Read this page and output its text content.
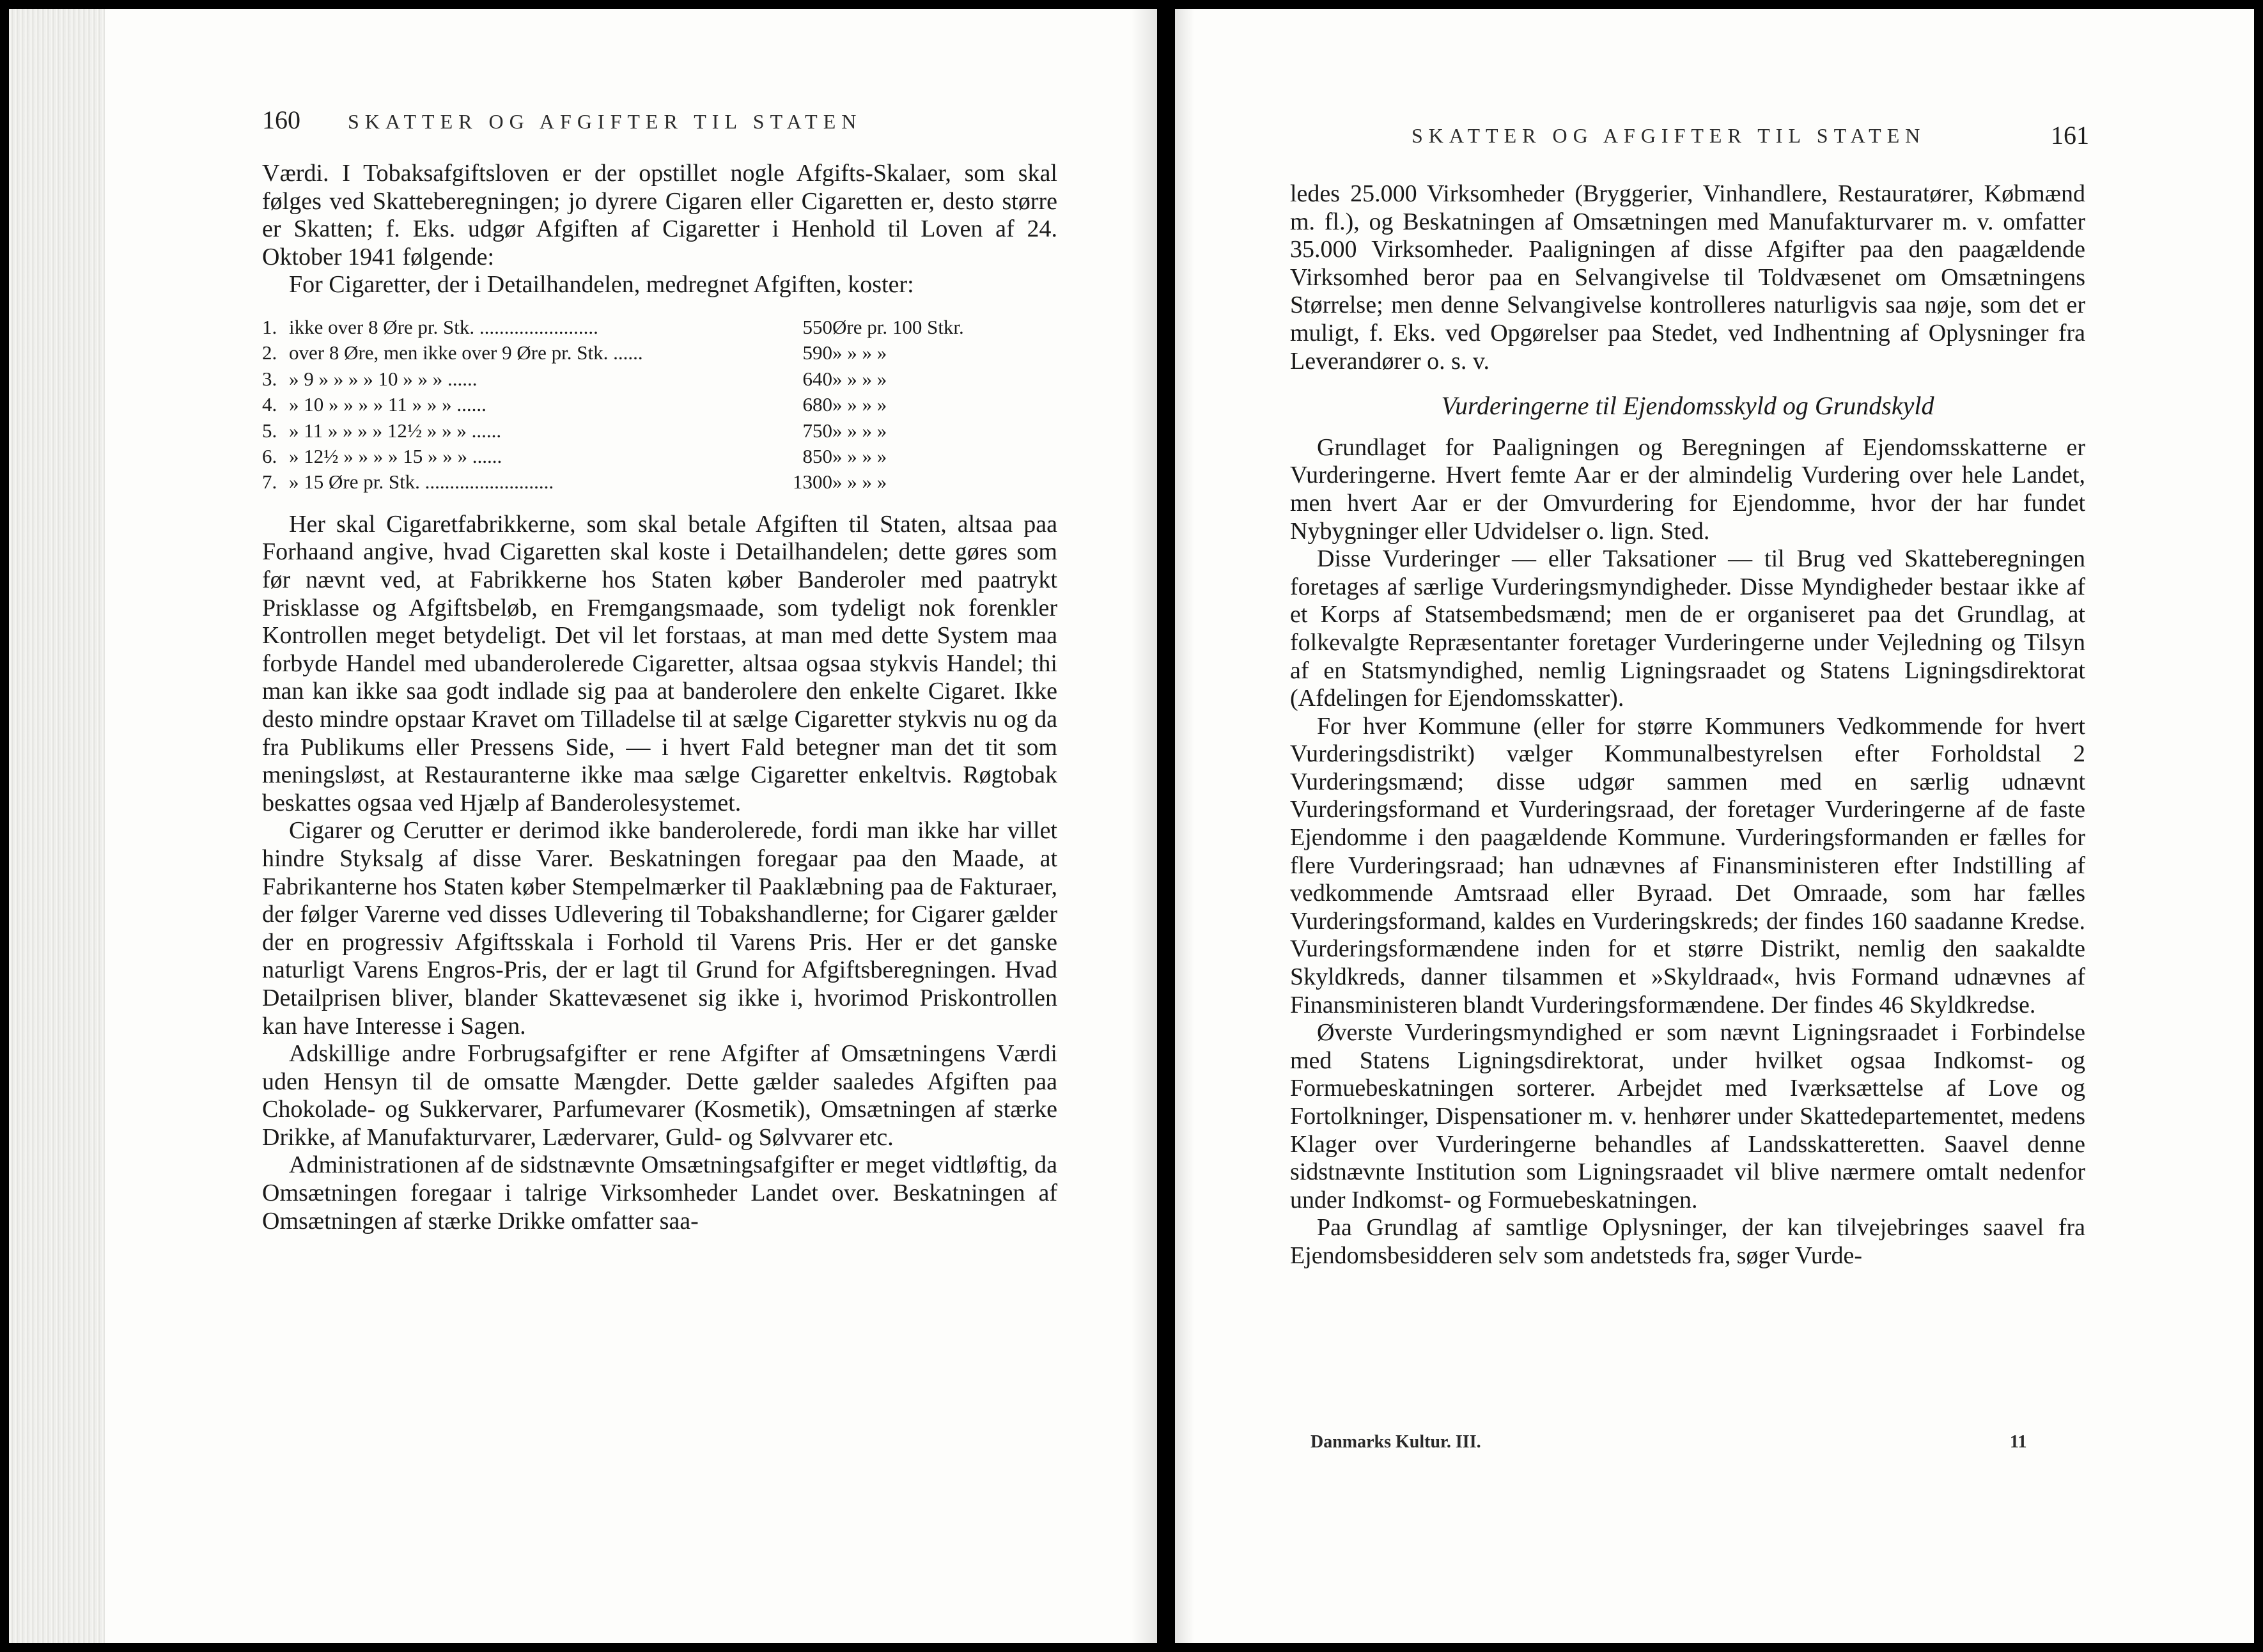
160 SKATTER OG AFGIFTER TIL STATEN

Værdi. I Tobaksafgiftsloven er der opstillet nogle Afgifts-Skalaer, som skal følges ved Skatteberegningen; jo dyrere Cigaren eller Cigaretten er, desto større er Skatten; f. Eks. udgør Afgiften af Cigaretter i Henhold til Loven af 24. Oktober 1941 følgende:

For Cigaretter, der i Detailhandelen, medregnet Afgiften, koster:

1.	ikke over 8 Øre pr. Stk. ........................	550	Øre pr. 100 Stkr.
2.	over 8 Øre, men ikke over 9 Øre pr. Stk. ......	590	» » » »
3.	» 9 » » » » 10 » » » ......	640	» » » »
4.	» 10 » » » » 11 » » » ......	680	» » » »
5.	» 11 » » » » 12½ » » » ......	750	» » » »
6.	» 12½ » » » » 15 » » » ......	850	» » » »
7.	» 15 Øre pr. Stk. ..........................	1300	» » » »

Her skal Cigaretfabrikkerne, som skal betale Afgiften til Staten, altsaa paa Forhaand angive, hvad Cigaretten skal koste i Detailhandelen; dette gøres som før nævnt ved, at Fabrikkerne hos Staten køber Banderoler med paatrykt Prisklasse og Afgiftsbeløb, en Fremgangsmaade, som tydeligt nok forenkler Kontrollen meget betydeligt. Det vil let forstaas, at man med dette System maa forbyde Handel med ubanderolerede Cigaretter, altsaa ogsaa stykvis Handel; thi man kan ikke saa godt indlade sig paa at banderolere den enkelte Cigaret. Ikke desto mindre opstaar Kravet om Tilladelse til at sælge Cigaretter stykvis nu og da fra Publikums eller Pressens Side, — i hvert Fald betegner man det tit som meningsløst, at Restauranterne ikke maa sælge Cigaretter enkeltvis. Røgtobak beskattes ogsaa ved Hjælp af Banderolesystemet.

Cigarer og Cerutter er derimod ikke banderolerede, fordi man ikke har villet hindre Styksalg af disse Varer. Beskatningen foregaar paa den Maade, at Fabrikanterne hos Staten køber Stempelmærker til Paaklæbning paa de Fakturaer, der følger Varerne ved disses Udlevering til Tobakshandlerne; for Cigarer gælder der en progressiv Afgiftsskala i Forhold til Varens Pris. Her er det ganske naturligt Varens Engros-Pris, der er lagt til Grund for Afgiftsberegningen. Hvad Detailprisen bliver, blander Skattevæsenet sig ikke i, hvorimod Priskontrollen kan have Interesse i Sagen.

Adskillige andre Forbrugsafgifter er rene Afgifter af Omsætningens Værdi uden Hensyn til de omsatte Mængder. Dette gælder saaledes Afgiften paa Chokolade- og Sukkervarer, Parfumevarer (Kosmetik), Omsætningen af stærke Drikke, af Manufakturvarer, Lædervarer, Guld- og Sølvvarer etc.

Administrationen af de sidstnævnte Omsætningsafgifter er meget vidtløftig, da Omsætningen foregaar i talrige Virksomheder Landet over. Beskatningen af Omsætningen af stærke Drikke omfatter saa-

SKATTER OG AFGIFTER TIL STATEN	161

ledes 25.000 Virksomheder (Bryggerier, Vinhandlere, Restauratører, Købmænd m. fl.), og Beskatningen af Omsætningen med Manufakturvarer m. v. omfatter 35.000 Virksomheder. Paaligningen af disse Afgifter paa den paagældende Virksomhed beror paa en Selvangivelse til Toldvæsenet om Omsætningens Størrelse; men denne Selvangivelse kontrolleres naturligvis saa nøje, som det er muligt, f. Eks. ved Opgørelser paa Stedet, ved Indhentning af Oplysninger fra Leverandører o. s. v.

Vurderingerne til Ejendomsskyld og Grundskyld

Grundlaget for Paaligningen og Beregningen af Ejendomsskatterne er Vurderingerne. Hvert femte Aar er der almindelig Vurdering over hele Landet, men hvert Aar er der Omvurdering for Ejendomme, hvor der har fundet Nybygninger eller Udvidelser o. lign. Sted.

Disse Vurderinger — eller Taksationer — til Brug ved Skatteberegningen foretages af særlige Vurderingsmyndigheder. Disse Myndigheder bestaar ikke af et Korps af Statsembedsmænd; men de er organiseret paa det Grundlag, at folkevalgte Repræsentanter foretager Vurderingerne under Vejledning og Tilsyn af en Statsmyndighed, nemlig Ligningsraadet og Statens Ligningsdirektorat (Afdelingen for Ejendomsskatter).

For hver Kommune (eller for større Kommuners Vedkommende for hvert Vurderingsdistrikt) vælger Kommunalbestyrelsen efter Forholdstal 2 Vurderingsmænd; disse udgør sammen med en særlig udnævnt Vurderingsformand et Vurderingsraad, der foretager Vurderingerne af de faste Ejendomme i den paagældende Kommune. Vurderingsformanden er fælles for flere Vurderingsraad; han udnævnes af Finansministeren efter Indstilling af vedkommende Amtsraad eller Byraad. Det Omraade, som har fælles Vurderingsformand, kaldes en Vurderingskreds; der findes 160 saadanne Kredse. Vurderingsformændene inden for et større Distrikt, nemlig den saakaldte Skyldkreds, danner tilsammen et »Skyldraad«, hvis Formand udnævnes af Finansministeren blandt Vurderingsformændene. Der findes 46 Skyldkredse.

Øverste Vurderingsmyndighed er som nævnt Ligningsraadet i Forbindelse med Statens Ligningsdirektorat, under hvilket ogsaa Indkomst- og Formuebeskatningen sorterer. Arbejdet med Iværksættelse af Love og Fortolkninger, Dispensationer m. v. henhører under Skattedepartementet, medens Klager over Vurderingerne behandles af Landsskatteretten. Saavel denne sidstnævnte Institution som Ligningsraadet vil blive nærmere omtalt nedenfor under Indkomst- og Formuebeskatningen.

Paa Grundlag af samtlige Oplysninger, der kan tilvejebringes saavel fra Ejendomsbesidderen selv som andetsteds fra, søger Vurde-

Danmarks Kultur. III.	11
